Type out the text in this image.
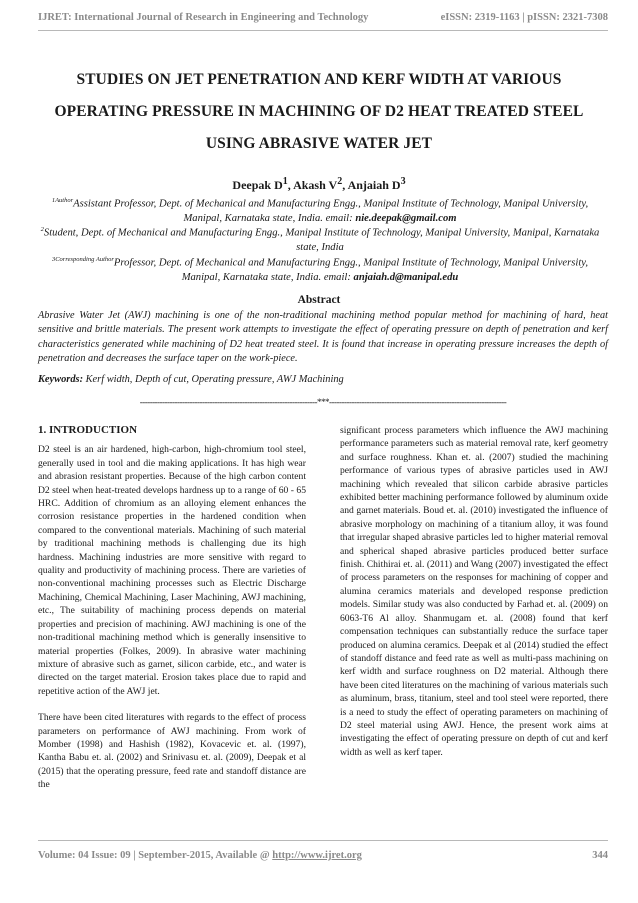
IJRET: International Journal of Research in Engineering and Technology	eISSN: 2319-1163 | pISSN: 2321-7308
STUDIES ON JET PENETRATION AND KERF WIDTH AT VARIOUS OPERATING PRESSURE IN MACHINING OF D2 HEAT TREATED STEEL USING ABRASIVE WATER JET
Deepak $D^1$, Akash $V^2$, Anjaiah $D^3$
$^{1Author}$Assistant Professor, Dept. of Mechanical and Manufacturing Engg., Manipal Institute of Technology, Manipal University, Manipal, Karnataka state, India. email: nie.deepak@gmail.com
$^2$Student, Dept. of Mechanical and Manufacturing Engg., Manipal Institute of Technology, Manipal University, Manipal, Karnataka state, India
$^{3Corresponding Author}$Professor, Dept. of Mechanical and Manufacturing Engg., Manipal Institute of Technology, Manipal University, Manipal, Karnataka state, India. email: anjaiah.d@manipal.edu
Abstract
Abrasive Water Jet (AWJ) machining is one of the non-traditional machining method popular method for machining of hard, heat sensitive and brittle materials. The present work attempts to investigate the effect of operating pressure on depth of penetration and kerf characteristics generated while machining of D2 heat treated steel. It is found that increase in operating pressure increases the depth of penetration and decreases the surface taper on the work-piece.
Keywords: Kerf width, Depth of cut, Operating pressure, AWJ Machining
-----------------------------------------------------------------------***-----------------------------------------------------------------------
1. INTRODUCTION

D2 steel is an air hardened, high-carbon, high-chromium tool steel, generally used in tool and die making applications. It has high wear and abrasion resistant properties. Because of the high carbon content D2 steel when heat-treated develops hardness up to a range of 60 - 65 HRC. Addition of chromium as an alloying element enhances the corrosion resistance properties in the hardened condition when compared to the conventional materials. Machining of such material by traditional machining methods is challenging due its high hardness. Machining industries are more sensitive with regard to quality and productivity of machining process. There are varieties of non-conventional machining processes such as Electric Discharge Machining, Chemical Machining, Laser Machining, AWJ machining, etc., The suitability of machining process depends on material properties and precision of machining. AWJ machining is one of the non-traditional machining method which is generally insensitive to material properties (Folkes, 2009). In abrasive water machining mixture of abrasive such as garnet, silicon carbide, etc., and water is directed on the target material. Erosion takes place due to rapid and repetitive action of the AWJ jet.

There have been cited literatures with regards to the effect of process parameters on performance of AWJ machining. From work of Momber (1998) and Hashish (1982), Kovacevic et. al. (1997), Kantha Babu et. al. (2002) and Srinivasu et. al. (2009), Deepak et al (2015) that the operating pressure, feed rate and standoff distance are the

significant process parameters which influence the AWJ machining performance parameters such as material removal rate, kerf geometry and surface roughness. Khan et. al. (2007) studied the machining performance of various types of abrasive particles used in AWJ machining which revealed that silicon carbide abrasive particles exhibited better machining performance followed by aluminum oxide and garnet materials. Boud et. al. (2010) investigated the influence of abrasive morphology on machining of a titanium alloy, it was found that irregular shaped abrasive particles led to higher material removal and spherical shaped abrasive particles produced better surface finish. Chithirai et. al. (2011) and Wang (2007) investigated the effect of process parameters on the responses for machining of copper and alumina ceramics materials and developed response prediction models. Similar study was also conducted by Farhad et. al. (2009) on 6063-T6 Al alloy. Shanmugam et. al. (2008) found that kerf compensation techniques can substantially reduce the surface taper produced on alumina ceramics. Deepak et al (2014) studied the effect of standoff distance and feed rate as well as multi-pass machining on kerf width and surface roughness on D2 material. Although there have been cited literatures on the machining of various materials such as aluminum, brass, titanium, steel and tool steel were reported, there is a need to study the effect of operating parameters on machining of D2 steel material using AWJ. Hence, the present work aims at investigating the effect of operating pressure on depth of cut and kerf width as well as kerf taper.

Volume: 04 Issue: 09 | September-2015, Available @ http://www.ijret.org	344
